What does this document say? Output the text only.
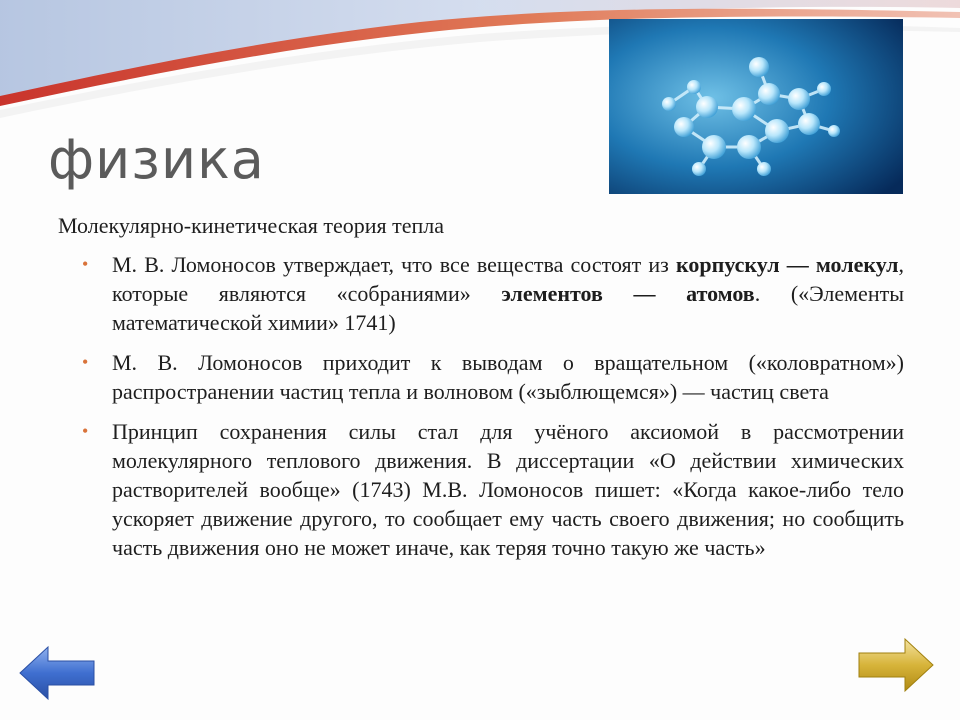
физика

Молекулярно-кинетическая теория тепла

• М. В. Ломоносов утверждает, что все вещества состоят из корпускул — молекул, которые являются «собраниями» элементов — атомов. («Элементы математической химии» 1741)
• М. В. Ломоносов приходит к выводам о вращательном («коловратном») распространении частиц тепла и волновом («зыблющемся») — частиц света
• Принцип сохранения силы стал для учёного аксиомой в рассмотрении молекулярного теплового движения. В диссертации «О действии химических растворителей вообще» (1743) М.В. Ломоносов пишет: «Когда какое-либо тело ускоряет движение другого, то сообщает ему часть своего движения; но сообщить часть движения оно не может иначе, как теряя точно такую же часть»
